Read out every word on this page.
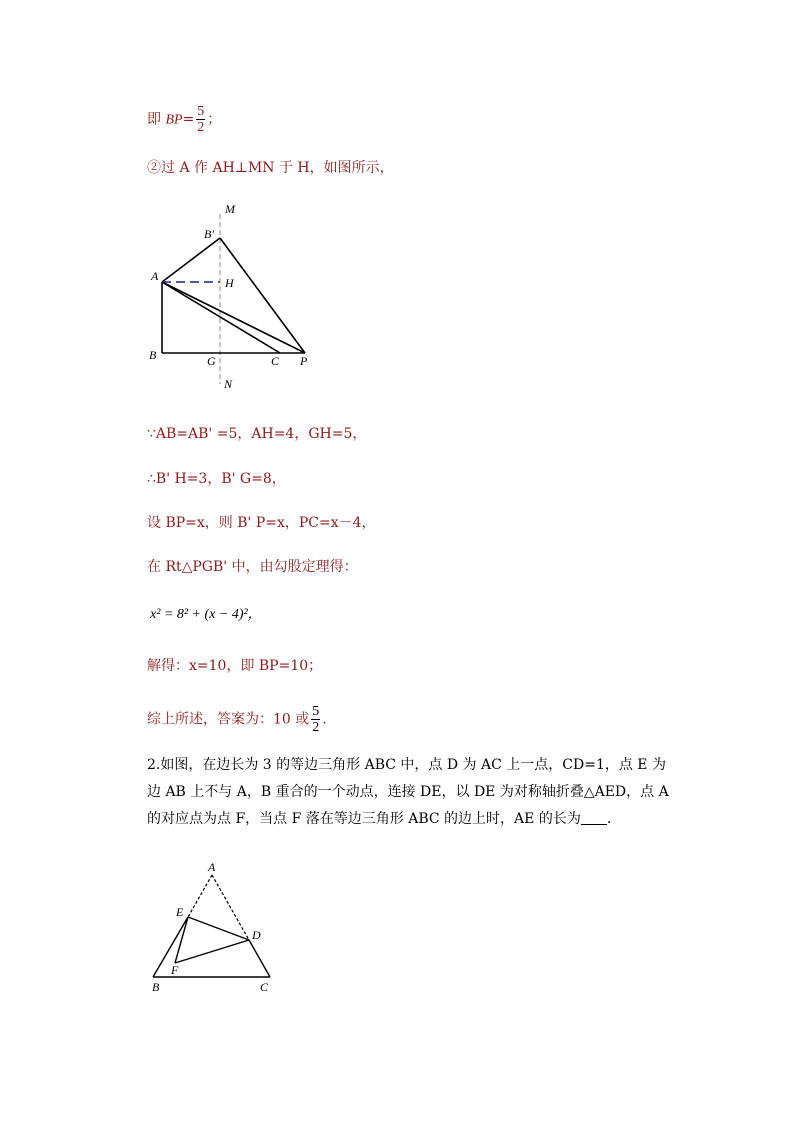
即 $BP= \frac{5}{2}$ ；
②过 A 作 AH⊥MN 于 H，如图所示，
M
B'
A	H
B	G	C P
N
∵AB=AB' =5，AH=4，GH=5，
∴B' H=3，B' G=8，
设 BP=x，则 B' P=x，PC=x－4，
在 Rt△PGB' 中，由勾股定理得：
x² = 8² + (x − 4)²，
解得：x=10，即 BP=10；
综上所述，答案为：10 或 $\frac{5}{2}$ .
2.如图，在边长为 3 的等边三角形 ABC 中，点 D 为 AC 上一点，CD=1，点 E 为边 AB 上不与 A，B 重合的一个动点，连接 DE，以 DE 为对称轴折叠△AED，点 A 的对应点为点 F，当点 F 落在等边三角形 ABC 的边上时，AE 的长为 .
A
E
D
F
B	C
